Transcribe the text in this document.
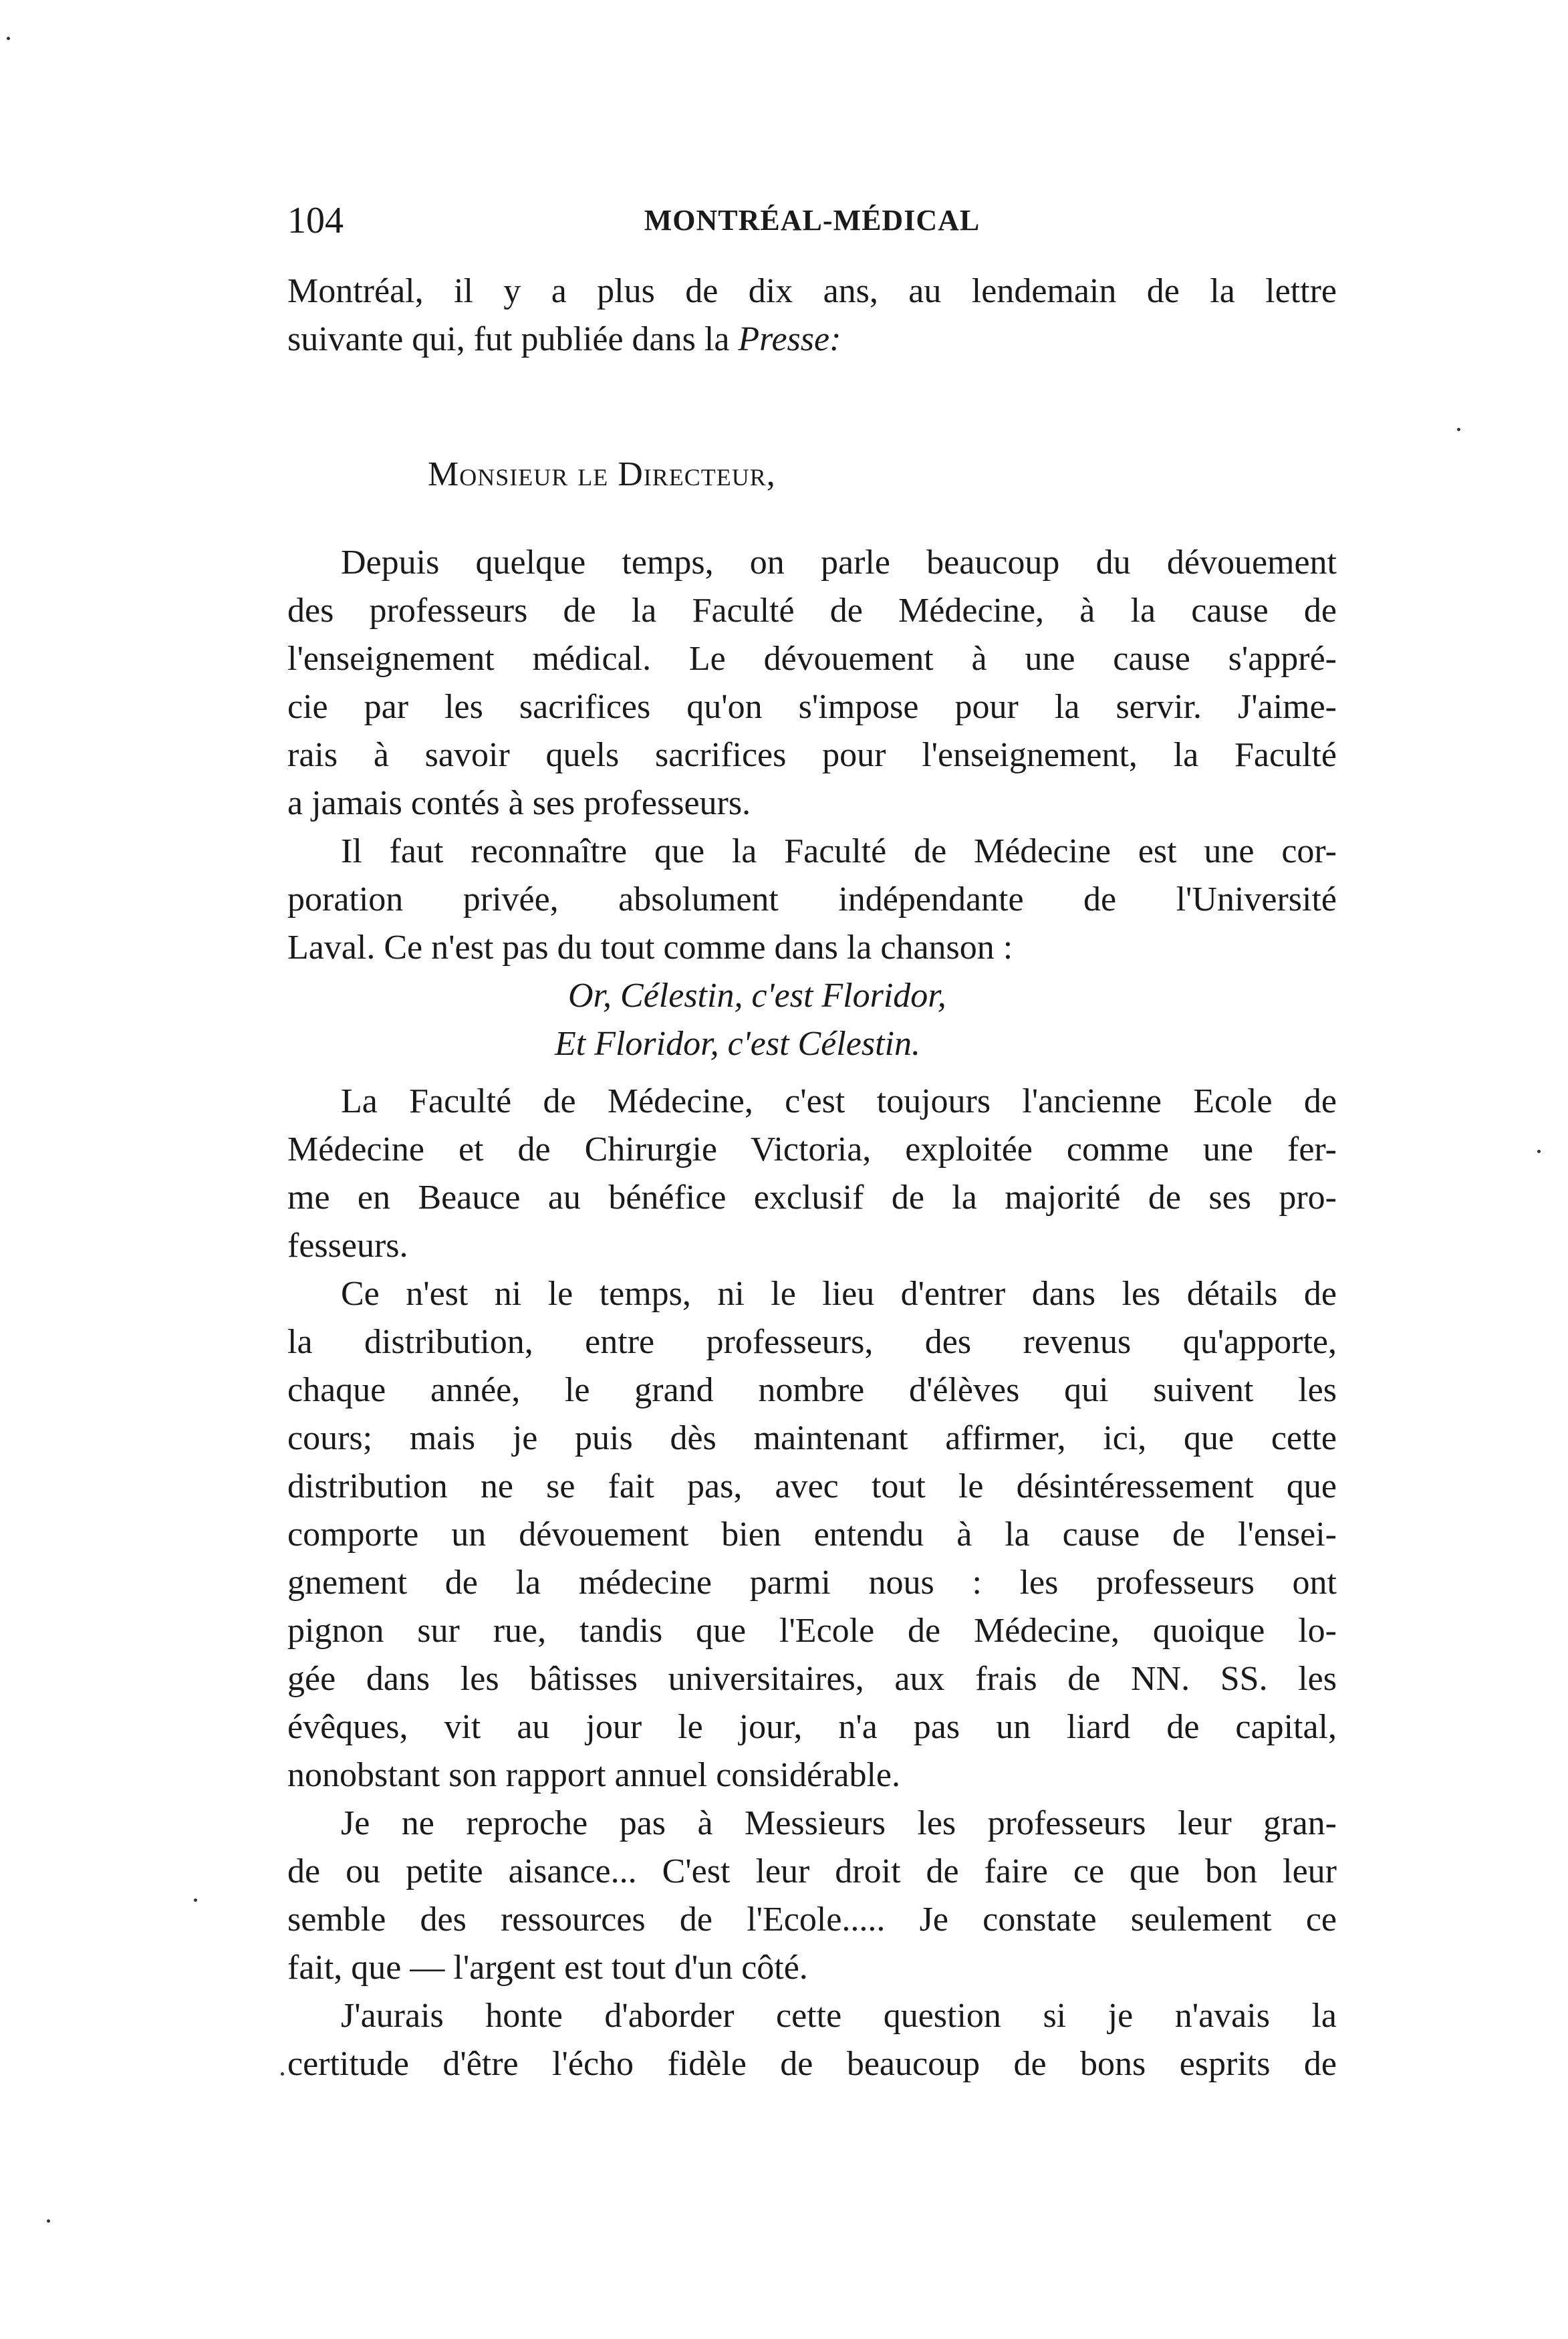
104	MONTRÉAL-MÉDICAL
Montréal, il y a plus de dix ans, au lendemain de la lettre
suivante qui, fut publiée dans la Presse:
Monsieur le Directeur,
Depuis quelque temps, on parle beaucoup du dévouement
des professeurs de la Faculté de Médecine, à la cause de
l'enseignement médical. Le dévouement à une cause s'appré-
cie par les sacrifices qu'on s'impose pour la servir. J'aime-
rais à savoir quels sacrifices pour l'enseignement, la Faculté
a jamais contés à ses professeurs.
Il faut reconnaître que la Faculté de Médecine est une cor-
poration privée, absolument indépendante de l'Université
Laval. Ce n'est pas du tout comme dans la chanson :
Or, Célestin, c'est Floridor,
Et Floridor, c'est Célestin.
La Faculté de Médecine, c'est toujours l'ancienne Ecole de
Médecine et de Chirurgie Victoria, exploitée comme une fer-
me en Beauce au bénéfice exclusif de la majorité de ses pro-
fesseurs.
Ce n'est ni le temps, ni le lieu d'entrer dans les détails de
la distribution, entre professeurs, des revenus qu'apporte,
chaque année, le grand nombre d'élèves qui suivent les
cours; mais je puis dès maintenant affirmer, ici, que cette
distribution ne se fait pas, avec tout le désintéressement que
comporte un dévouement bien entendu à la cause de l'ensei-
gnement de la médecine parmi nous : les professeurs ont
pignon sur rue, tandis que l'Ecole de Médecine, quoique lo-
gée dans les bâtisses universitaires, aux frais de NN. SS. les
évêques, vit au jour le jour, n'a pas un liard de capital,
nonobstant son rapport annuel considérable.
Je ne reproche pas à Messieurs les professeurs leur gran-
de ou petite aisance... C'est leur droit de faire ce que bon leur
semble des ressources de l'Ecole..... Je constate seulement ce
fait, que — l'argent est tout d'un côté.
J'aurais honte d'aborder cette question si je n'avais la
certitude d'être l'écho fidèle de beaucoup de bons esprits de
